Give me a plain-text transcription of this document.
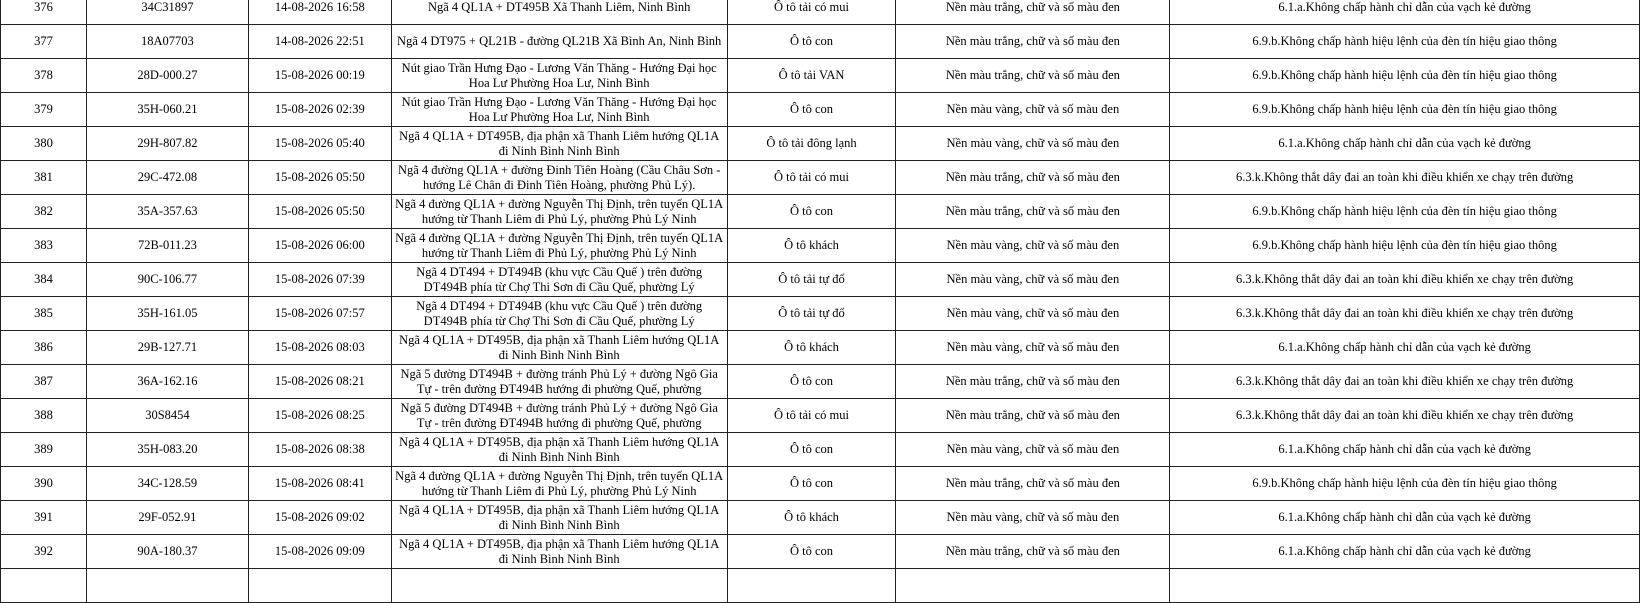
376	34C31897	14-08-2026 16:58	Ngã 4 QL1A + DT495B Xã Thanh Liêm, Ninh Bình	Ô tô tải có mui	Nền màu trắng, chữ và số màu đen	6.1.a.Không chấp hành chỉ dẫn của vạch kẻ đường
377	18A07703	14-08-2026 22:51	Ngã 4 DT975 + QL21B - đường QL21B Xã Bình An, Ninh Bình	Ô tô con	Nền màu trắng, chữ và số màu đen	6.9.b.Không chấp hành hiệu lệnh của đèn tín hiệu giao thông
378	28D-000.27	15-08-2026 00:19	Nút giao Trần Hưng Đạo - Lương Văn Thăng - Hướng Đại học Hoa Lư Phường Hoa Lư, Ninh Bình	Ô tô tải VAN	Nền màu trắng, chữ và số màu đen	6.9.b.Không chấp hành hiệu lệnh của đèn tín hiệu giao thông
379	35H-060.21	15-08-2026 02:39	Nút giao Trần Hưng Đạo - Lương Văn Thăng - Hướng Đại học Hoa Lư Phường Hoa Lư, Ninh Bình	Ô tô con	Nền màu vàng, chữ và số màu đen	6.9.b.Không chấp hành hiệu lệnh của đèn tín hiệu giao thông
380	29H-807.82	15-08-2026 05:40	Ngã 4 QL1A + DT495B, địa phận xã Thanh Liêm hướng QL1A đi Ninh Bình Ninh Bình	Ô tô tải đông lạnh	Nền màu vàng, chữ và số màu đen	6.1.a.Không chấp hành chỉ dẫn của vạch kẻ đường
381	29C-472.08	15-08-2026 05:50	Ngã 4 đường QL1A + đường Đinh Tiên Hoàng (Cầu Châu Sơn - hướng Lê Chân đi Đinh Tiên Hoàng, phường Phủ Lý).	Ô tô tải có mui	Nền màu trắng, chữ và số màu đen	6.3.k.Không thắt dây đai an toàn khi điều khiển xe chạy trên đường
382	35A-357.63	15-08-2026 05:50	Ngã 4 đường QL1A + đường Nguyễn Thị Định, trên tuyến QL1A hướng từ Thanh Liêm đi Phủ Lý, phường Phủ Lý Ninh	Ô tô con	Nền màu trắng, chữ và số màu đen	6.9.b.Không chấp hành hiệu lệnh của đèn tín hiệu giao thông
383	72B-011.23	15-08-2026 06:00	Ngã 4 đường QL1A + đường Nguyễn Thị Định, trên tuyến QL1A hướng từ Thanh Liêm đi Phủ Lý, phường Phủ Lý Ninh	Ô tô khách	Nền màu vàng, chữ và số màu đen	6.9.b.Không chấp hành hiệu lệnh của đèn tín hiệu giao thông
384	90C-106.77	15-08-2026 07:39	Ngã 4 DT494 + DT494B (khu vực Cầu Quế ) trên đường DT494B phía từ Chợ Thi Sơn đi Cầu Quế, phường Lý	Ô tô tải tự đổ	Nền màu vàng, chữ và số màu đen	6.3.k.Không thắt dây đai an toàn khi điều khiển xe chạy trên đường
385	35H-161.05	15-08-2026 07:57	Ngã 4 DT494 + DT494B (khu vực Cầu Quế ) trên đường DT494B phía từ Chợ Thi Sơn đi Cầu Quế, phường Lý	Ô tô tải tự đổ	Nền màu vàng, chữ và số màu đen	6.3.k.Không thắt dây đai an toàn khi điều khiển xe chạy trên đường
386	29B-127.71	15-08-2026 08:03	Ngã 4 QL1A + DT495B, địa phận xã Thanh Liêm hướng QL1A đi Ninh Bình Ninh Bình	Ô tô khách	Nền màu vàng, chữ và số màu đen	6.1.a.Không chấp hành chỉ dẫn của vạch kẻ đường
387	36A-162.16	15-08-2026 08:21	Ngã 5 đường DT494B + đường tránh Phủ Lý + đường Ngô Gia Tự - trên đường ĐT494B hướng đi phường Quế, phường	Ô tô con	Nền màu trắng, chữ và số màu đen	6.3.k.Không thắt dây đai an toàn khi điều khiển xe chạy trên đường
388	30S8454	15-08-2026 08:25	Ngã 5 đường DT494B + đường tránh Phủ Lý + đường Ngô Gia Tự - trên đường ĐT494B hướng đi phường Quế, phường	Ô tô tải có mui	Nền màu trắng, chữ và số màu đen	6.3.k.Không thắt dây đai an toàn khi điều khiển xe chạy trên đường
389	35H-083.20	15-08-2026 08:38	Ngã 4 QL1A + DT495B, địa phận xã Thanh Liêm hướng QL1A đi Ninh Bình Ninh Bình	Ô tô con	Nền màu vàng, chữ và số màu đen	6.1.a.Không chấp hành chỉ dẫn của vạch kẻ đường
390	34C-128.59	15-08-2026 08:41	Ngã 4 đường QL1A + đường Nguyễn Thị Định, trên tuyến QL1A hướng từ Thanh Liêm đi Phủ Lý, phường Phủ Lý Ninh	Ô tô con	Nền màu trắng, chữ và số màu đen	6.9.b.Không chấp hành hiệu lệnh của đèn tín hiệu giao thông
391	29F-052.91	15-08-2026 09:02	Ngã 4 QL1A + DT495B, địa phận xã Thanh Liêm hướng QL1A đi Ninh Bình Ninh Bình	Ô tô khách	Nền màu vàng, chữ và số màu đen	6.1.a.Không chấp hành chỉ dẫn của vạch kẻ đường
392	90A-180.37	15-08-2026 09:09	Ngã 4 QL1A + DT495B, địa phận xã Thanh Liêm hướng QL1A đi Ninh Bình Ninh Bình	Ô tô con	Nền màu trắng, chữ và số màu đen	6.1.a.Không chấp hành chỉ dẫn của vạch kẻ đường
